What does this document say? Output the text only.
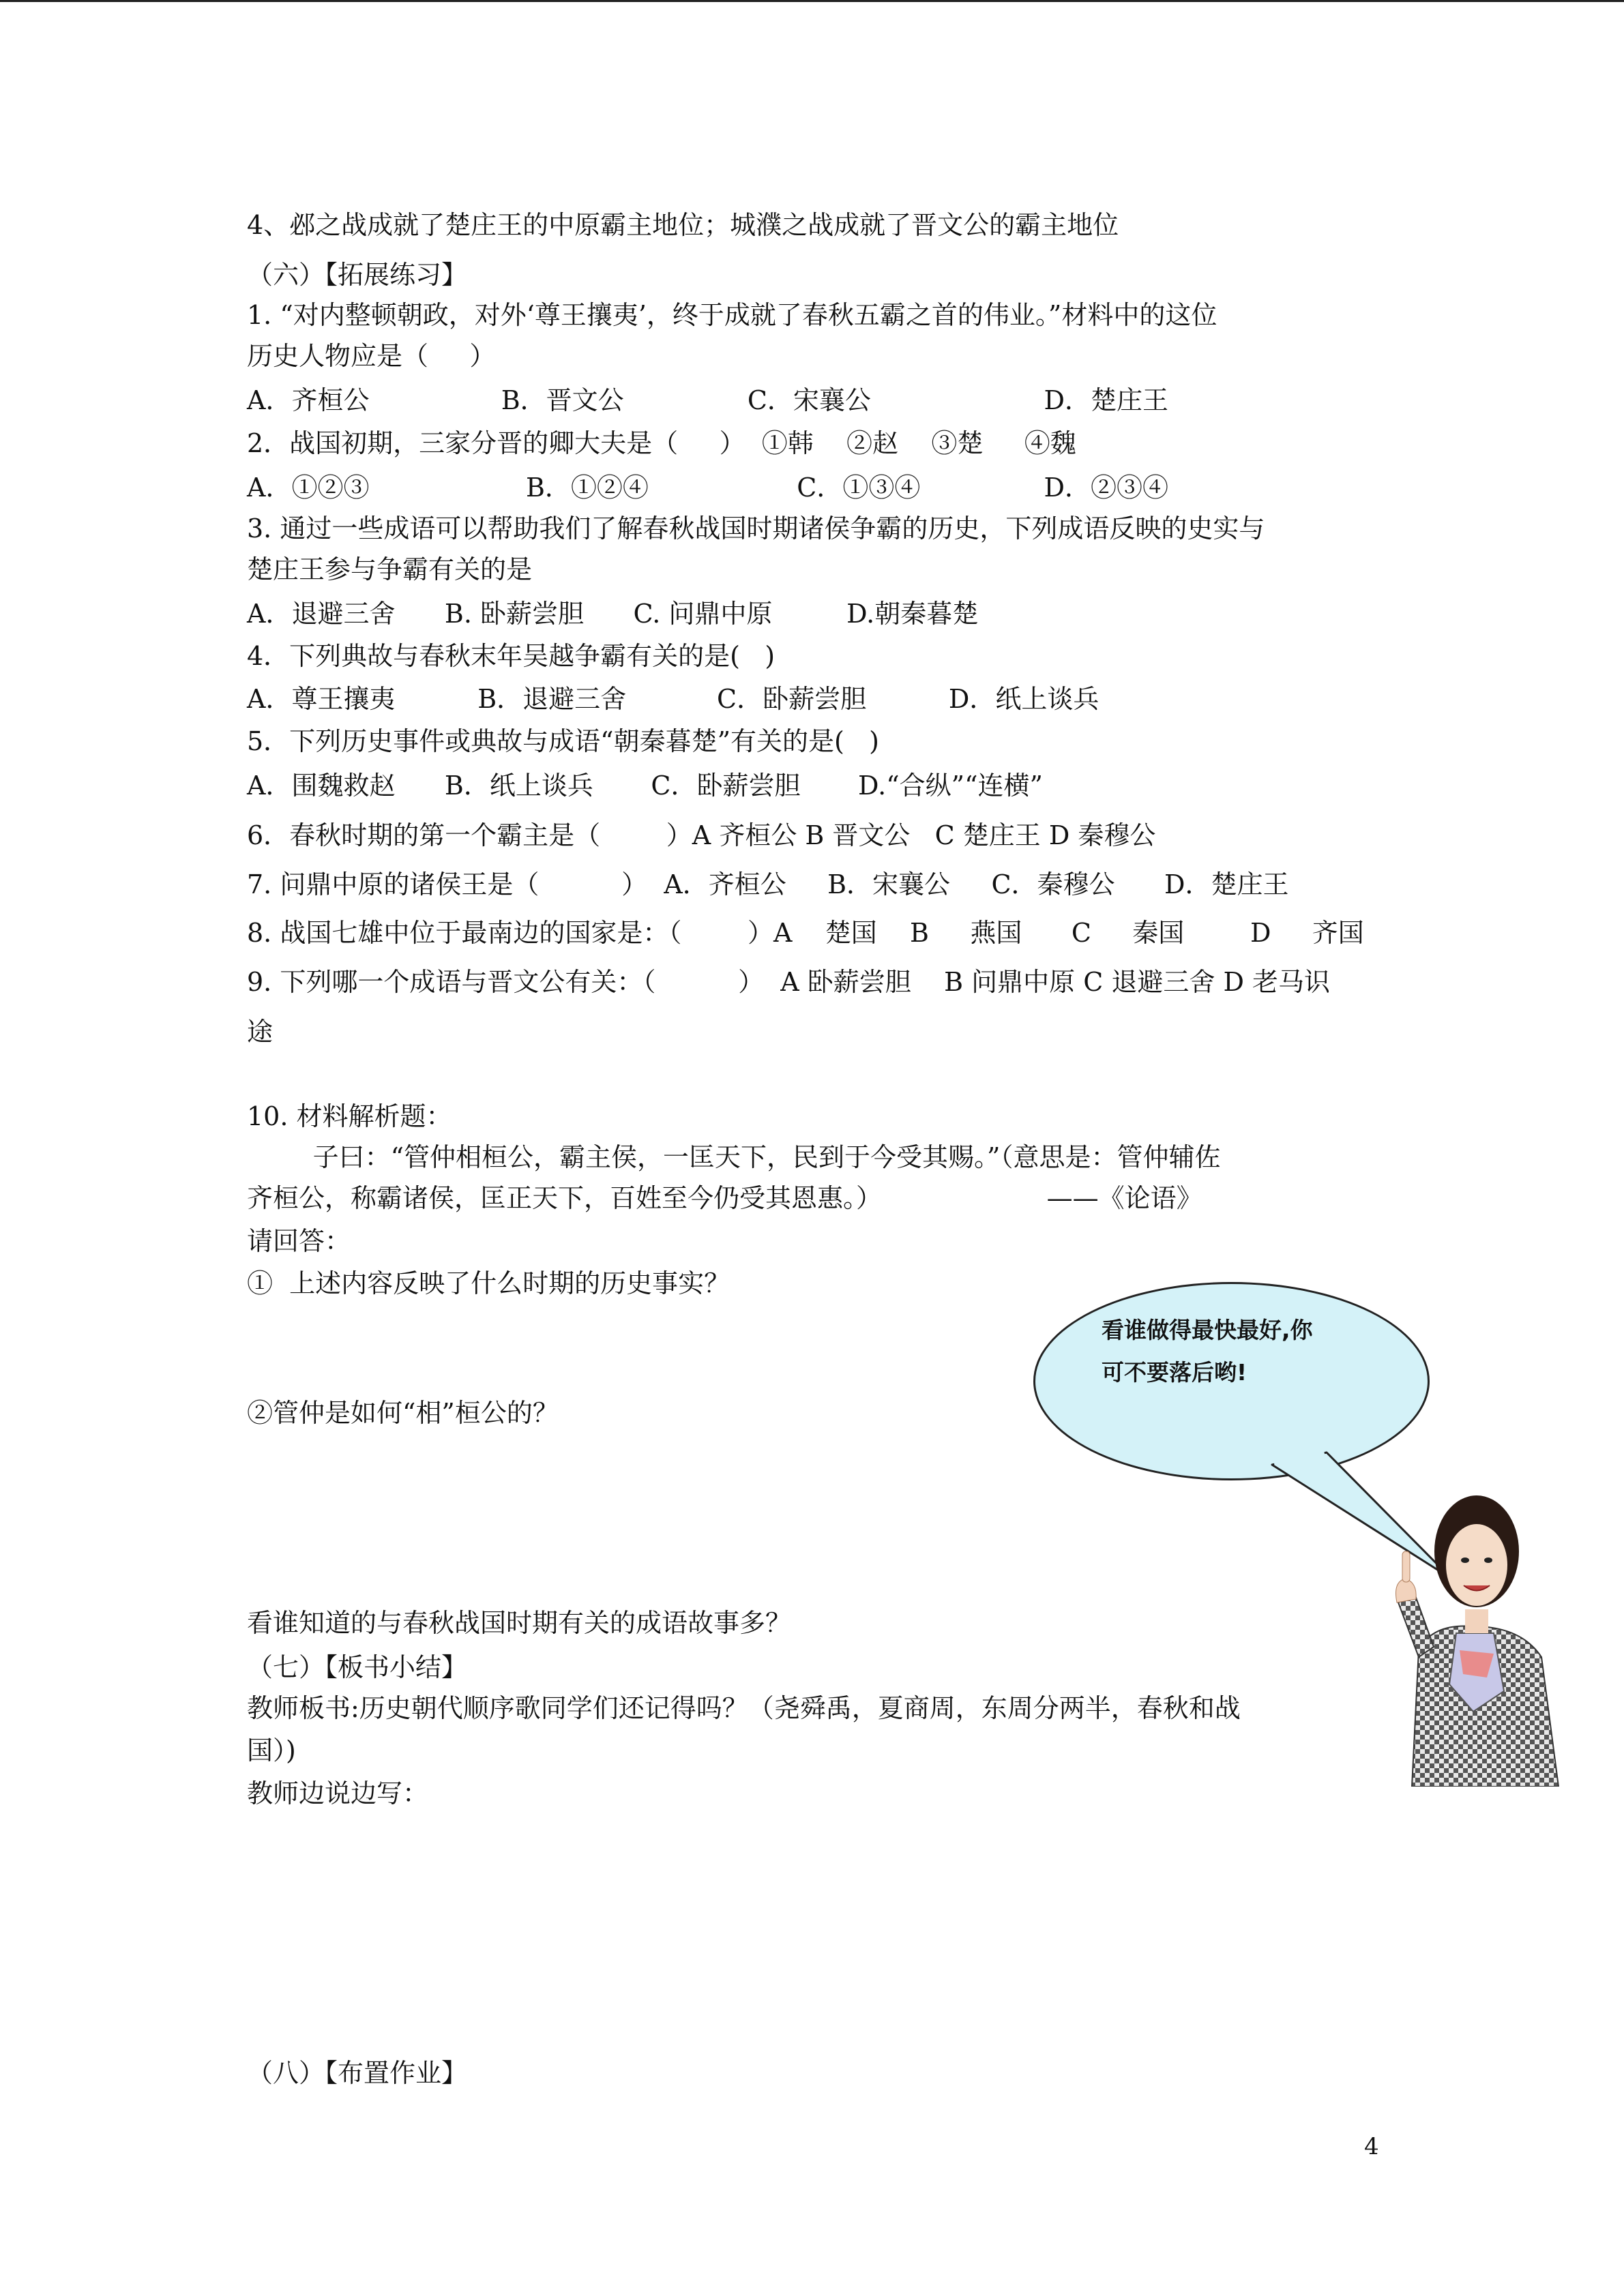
4、邲之战成就了楚庄王的中原霸主地位；城濮之战成就了晋文公的霸主地位
（六）【拓展练习】
1. “对内整顿朝政，对外‘尊王攘夷’，终于成就了春秋五霸之首的伟业。”材料中的这位
历史人物应是（     ）
A．齐桓公                B．晋文公               C．宋襄公                     D．楚庄王
2．战国初期，三家分晋的卿大夫是（     ）  ①韩    ②赵    ③楚     ④魏
A．①②③                   B．①②④                  C．①③④               D．②③④
3. 通过一些成语可以帮助我们了解春秋战国时期诸侯争霸的历史，下列成语反映的史实与
楚庄王参与争霸有关的是
A．退避三舍      B. 卧薪尝胆      C. 问鼎中原         D.朝秦暮楚
4．下列典故与春秋末年吴越争霸有关的是(   )
A．尊王攘夷          B．退避三舍           C．卧薪尝胆          D．纸上谈兵
5．下列历史事件或典故与成语“朝秦暮楚”有关的是(   )
A．围魏救赵      B．纸上谈兵       C．卧薪尝胆       D.“合纵”“连横”
6．春秋时期的第一个霸主是（        ）A 齐桓公 B 晋文公   C 楚庄王 D 秦穆公
7. 问鼎中原的诸侯王是（          ）  A．齐桓公     B．宋襄公     C．秦穆公      D．楚庄王
8. 战国七雄中位于最南边的国家是：（        ）A    楚国    B     燕国      C     秦国        D     齐国
9. 下列哪一个成语与晋文公有关：（          ）  A 卧薪尝胆    B 问鼎中原 C 退避三舍 D 老马识
途
10. 材料解析题：
子曰：“管仲相桓公，霸主侯，一匡天下，民到于今受其赐。”（意思是：管仲辅佐
齐桓公，称霸诸侯，匡正天下，百姓至今仍受其恩惠。）                    ——《论语》
请回答：
①  上述内容反映了什么时期的历史事实？
②管仲是如何“相”桓公的？
看谁知道的与春秋战国时期有关的成语故事多？
（七）【板书小结】
教师板书:历史朝代顺序歌同学们还记得吗？（尧舜禹，夏商周，东周分两半，春秋和战
国）)
教师边说边写：
（八）【布置作业】
看谁做得最快最好,你
可不要落后哟!
4
